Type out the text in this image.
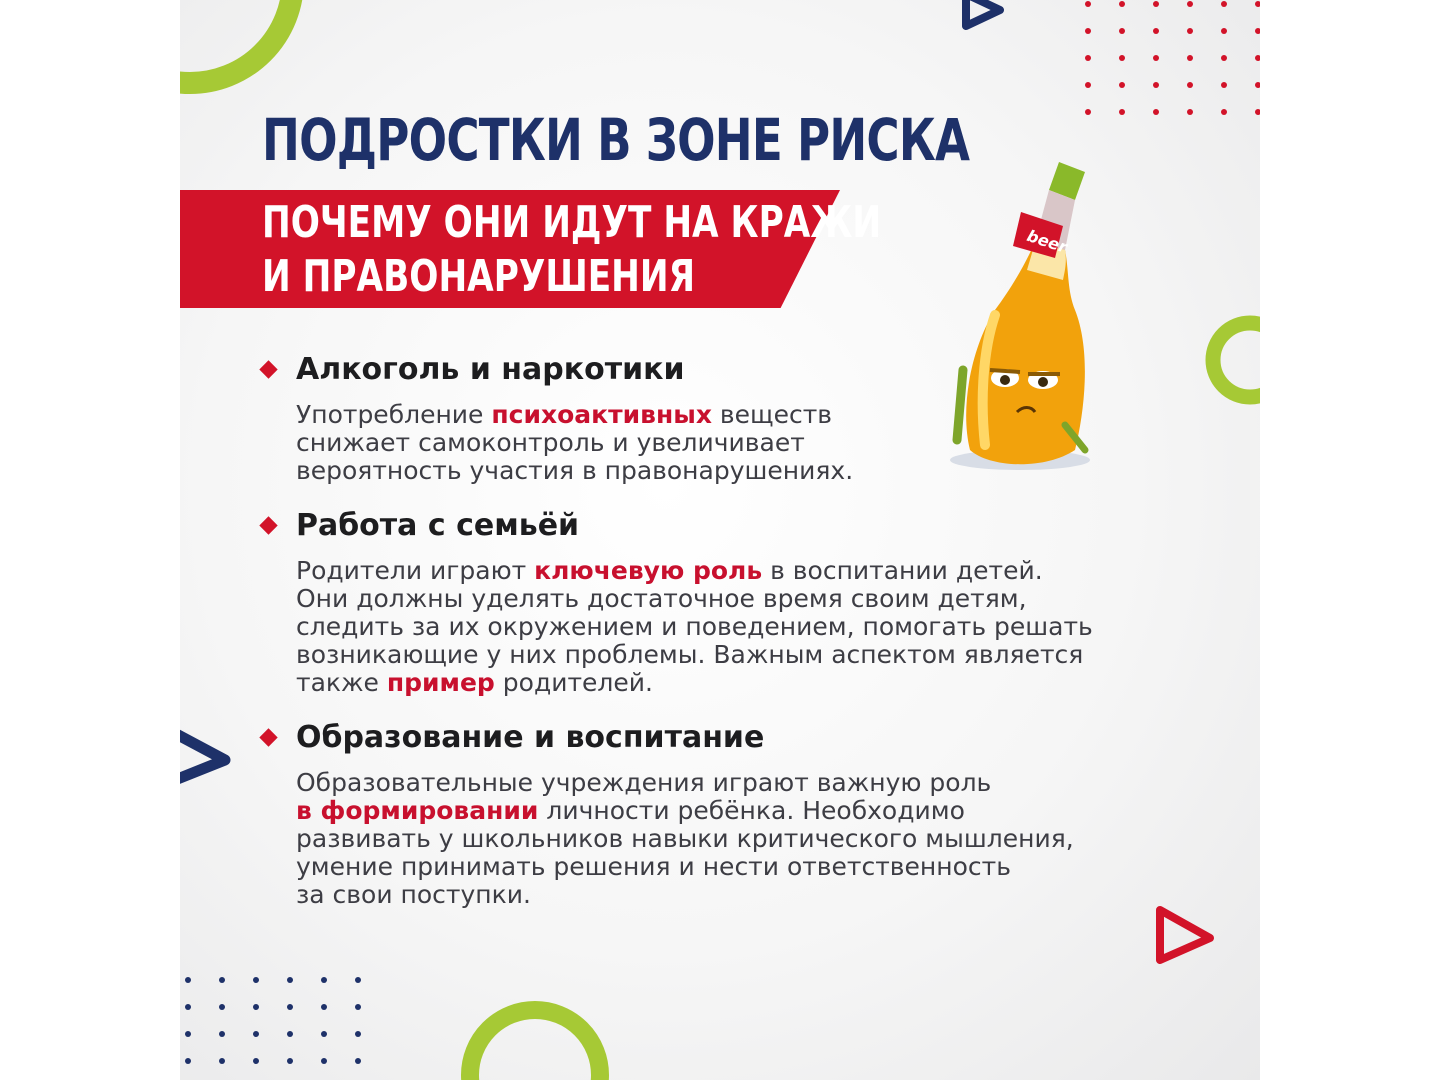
ПОДРОСТКИ В ЗОНЕ РИСКА
ПОЧЕМУ ОНИ ИДУТ НА КРАЖИ
И ПРАВОНАРУШЕНИЯ
beer
Алкоголь и наркотики
Употребление психоактивных веществ
снижает самоконтроль и увеличивает
вероятность участия в правонарушениях.
Работа с семьёй
Родители играют ключевую роль в воспитании детей.
Они должны уделять достаточное время своим детям,
следить за их окружением и поведением, помогать решать
возникающие у них проблемы. Важным аспектом является
также пример родителей.
Образование и воспитание
Образовательные учреждения играют важную роль
в формировании личности ребёнка. Необходимо
развивать у школьников навыки критического мышления,
умение принимать решения и нести ответственность
за свои поступки.
